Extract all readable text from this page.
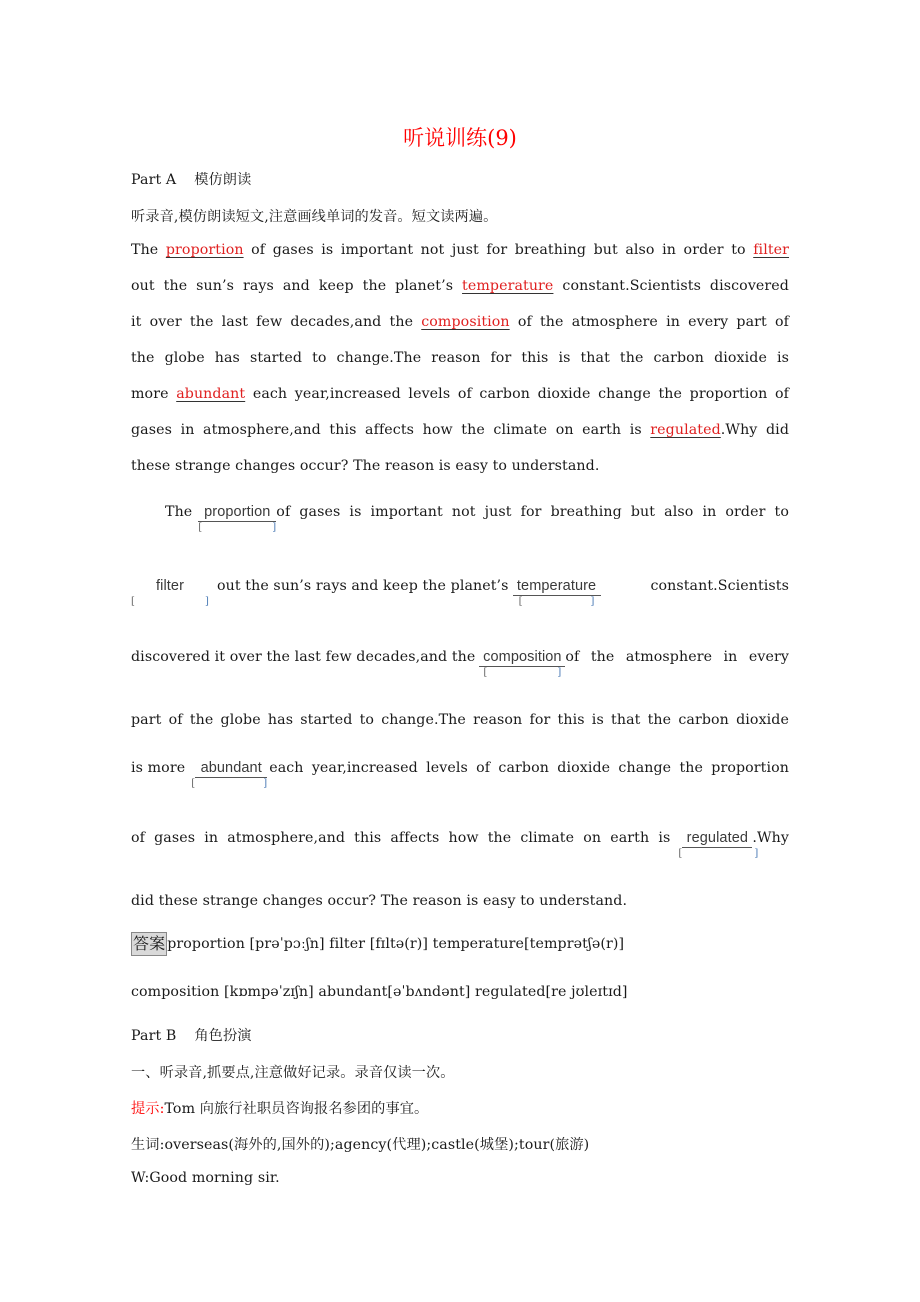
听说训练(9)
Part A 模仿朗读
听录音,模仿朗读短文,注意画线单词的发音。短文读两遍。
The proportion of gases is important not just for breathing but also in order to filter
out the sun’s rays and keep the planet’s temperature constant.Scientists discovered
it over the last few decades,and the composition of the atmosphere in every part of
the globe has started to change.The reason for this is that the carbon dioxide is
more abundant each year,increased levels of carbon dioxide change the proportion of
gases in atmosphere,and this affects how the climate on earth is regulated.Why did
these strange changes occur? The reason is easy to understand.
The proportion
[	]
of gases is important not just for breathing but also in order to
filter
[	]
out the sun’s rays and keep the planet’s temperature
[	]
constant.Scientists
discovered it over the last few decades,and the composition
[	]
of the atmosphere in every
part of the globe has started to change.The reason for this is that the carbon dioxide
is more	abundant
[	]
each year,increased levels of carbon dioxide change the proportion
of gases in atmosphere,and this affects how the climate on earth is regulated
[	]
.Why
did these strange changes occur? The reason is easy to understand.
答案 proportion [prəˈpɔːʃn] filter [fɪltə(r)] temperature[temprətʃə(r)]
composition [kɒmpəˈzɪʃn] abundant[əˈbʌndənt] regulated[re jʊleɪtɪd]
Part B 角色扮演
一、听录音,抓要点,注意做好记录。录音仅读一次。
提示:Tom 向旅行社职员咨询报名参团的事宜。
生词:overseas(海外的,国外的);agency(代理);castle(城堡);tour(旅游)
W:Good morning sir.
